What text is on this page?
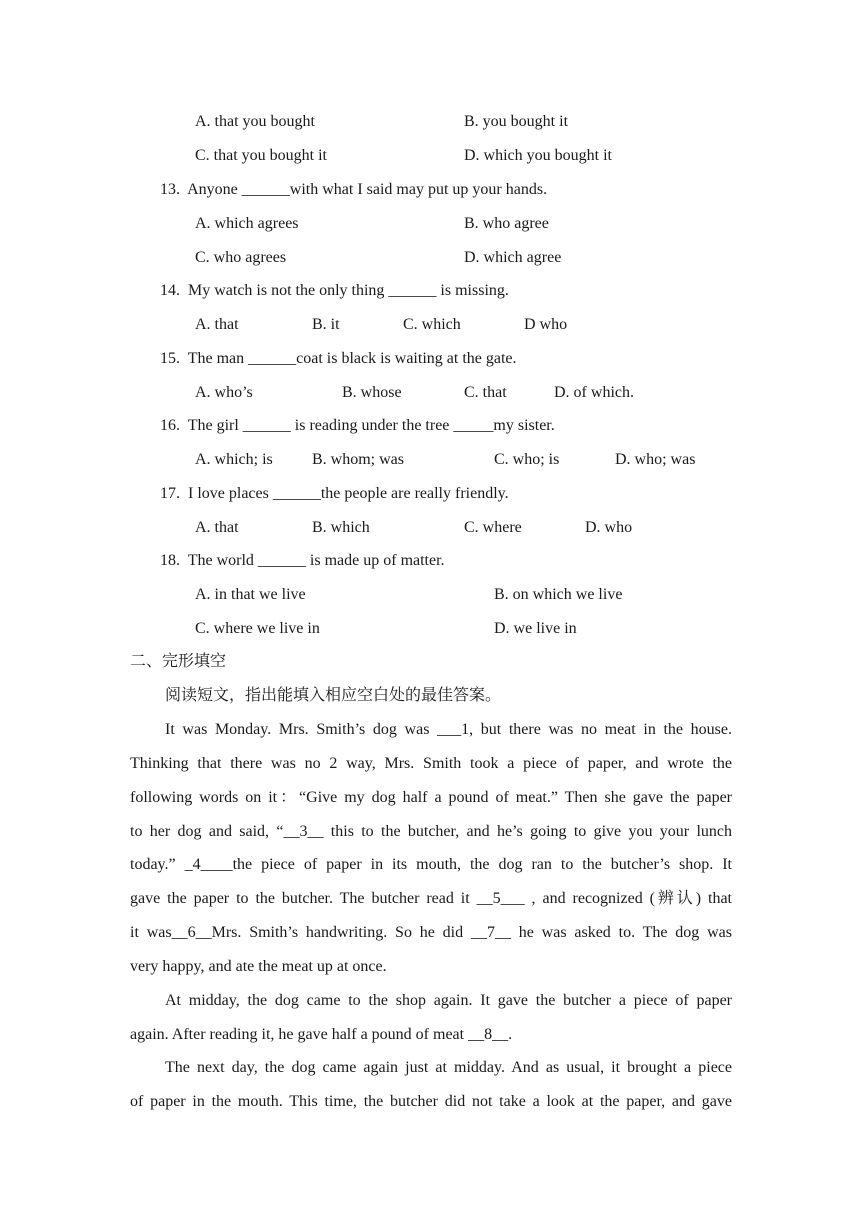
A. that you bought	B. you bought it
C. that you bought it	D. which you bought it
13.  Anyone ______with what I said may put up your hands.
A. which agrees	B. who agree
C. who agrees	D. which agree
14.  My watch is not the only thing ______ is missing.
A. that	B. it	C. which	D who
15.  The man ______coat is black is waiting at the gate.
A. who’s	B. whose	C. that	D. of which.
16.  The girl ______ is reading under the tree _____my sister.
A. which; is B. whom; was	C. who; is	D. who; was
17.  I love places ______the people are really friendly.
A. that	B. which	C. where	D. who
18.  The world ______ is made up of matter.
A. in that we live	B. on which we live
C. where we live in	D. we live in
二、完形填空
阅读短文，指出能填入相应空白处的最佳答案。
It was Monday. Mrs. Smith’s dog was ___1, but there was no meat in the house.
Thinking that there was no 2 way, Mrs. Smith took a piece of paper, and wrote the
following words on it：“Give my dog half a pound of meat.” Then she gave the paper
to her dog and said, “__3__ this to the butcher, and he’s going to give you your lunch
today.” _4____the piece of paper in its mouth, the dog ran to the butcher’s shop. It
gave the paper to the butcher. The butcher read it __5___ , and recognized (辨认) that
it was__6__Mrs. Smith’s handwriting. So he did __7__ he was asked to. The dog was
very happy, and ate the meat up at once.
At midday, the dog came to the shop again. It gave the butcher a piece of paper
again. After reading it, he gave half a pound of meat __8__.
The next day, the dog came again just at midday. And as usual, it brought a piece
of paper in the mouth. This time, the butcher did not take a look at the paper, and gave
